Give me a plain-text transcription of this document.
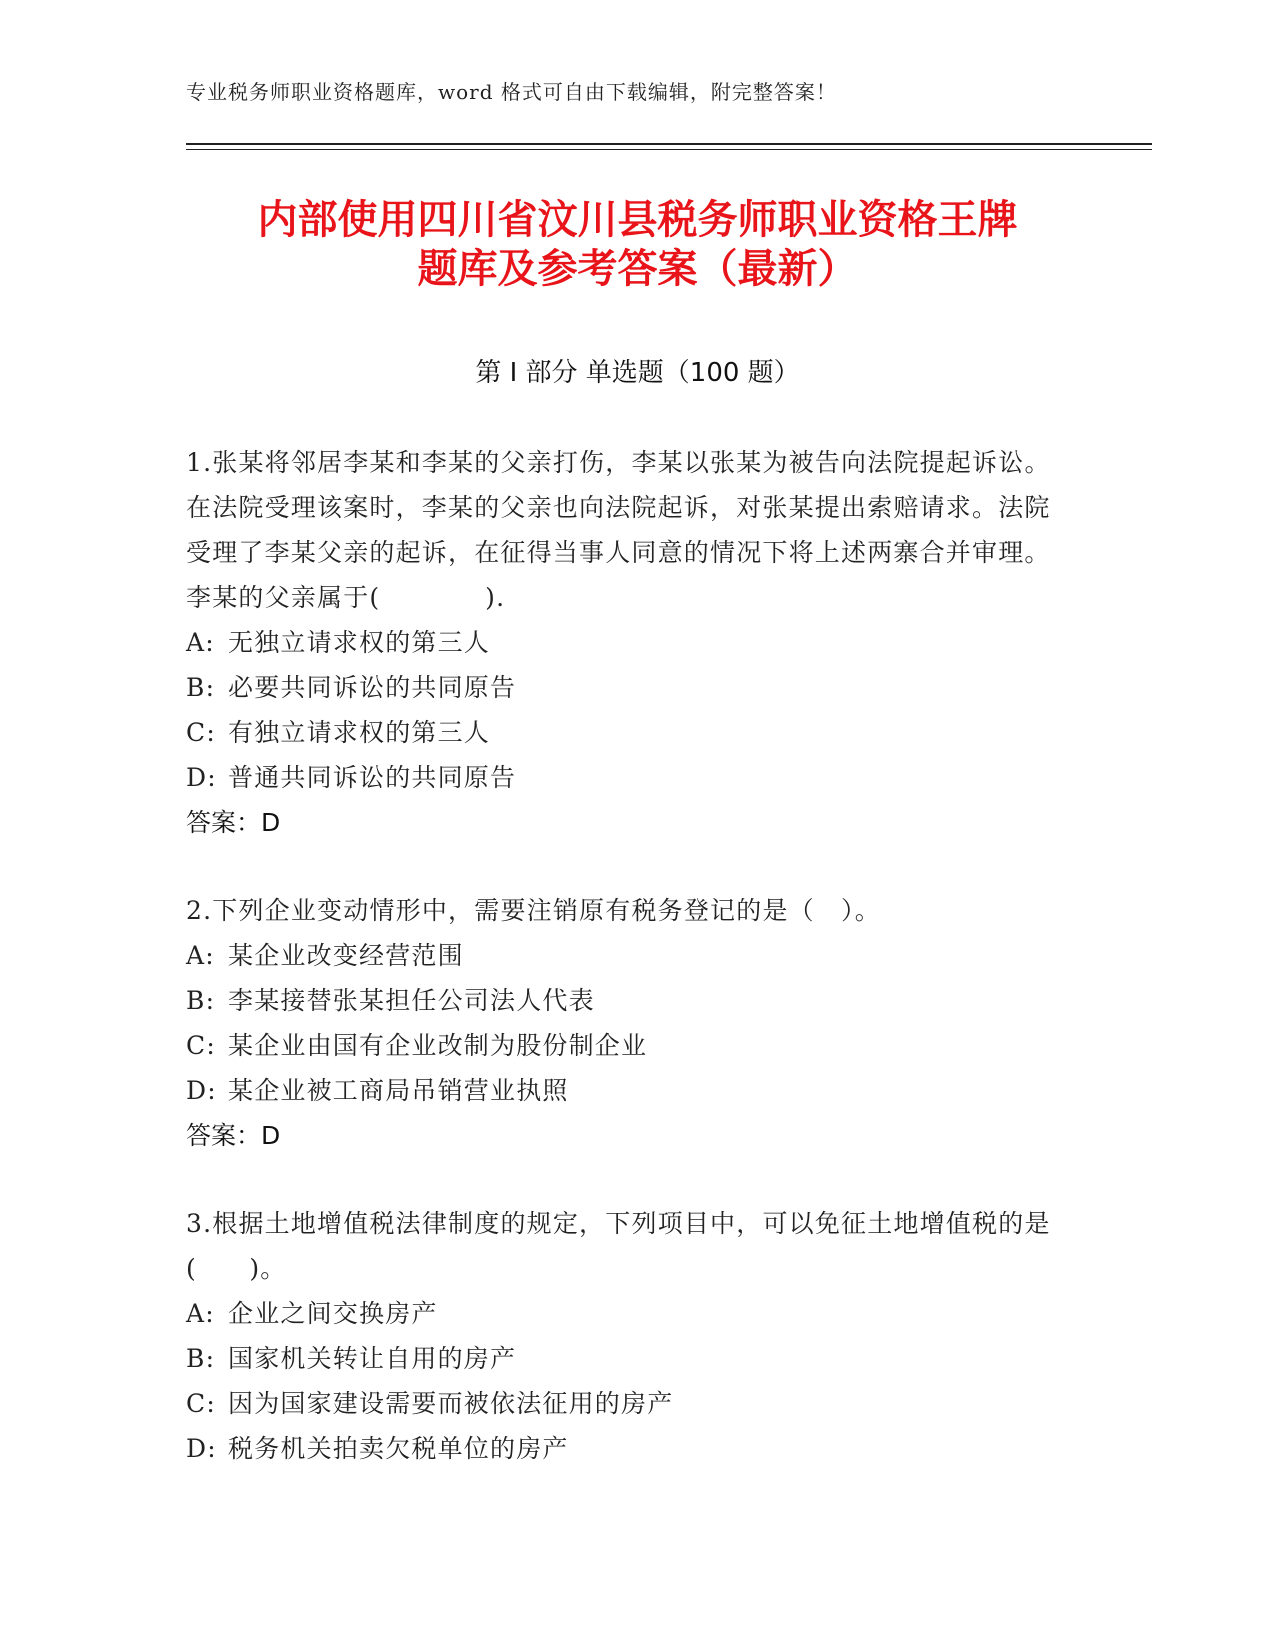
专业税务师职业资格题库，word 格式可自由下载编辑，附完整答案！
内部使用四川省汶川县税务师职业资格王牌
题库及参考答案（最新）
第 I 部分 单选题（100 题）

1.张某将邻居李某和李某的父亲打伤，李某以张某为被告向法院提起诉讼。在法院受理该案时，李某的父亲也向法院起诉，对张某提出索赔请求。法院受理了李某父亲的起诉，在征得当事人同意的情况下将上述两寨合并审理。李某的父亲属于(　　　　).

A: 无独立请求权的第三人
B: 必要共同诉讼的共同原告
C: 有独立请求权的第三人
D: 普通共同诉讼的共同原告
答案：D

2.下列企业变动情形中，需要注销原有税务登记的是（　）。

A: 某企业改变经营范围
B: 李某接替张某担任公司法人代表
C: 某企业由国有企业改制为股份制企业
D: 某企业被工商局吊销营业执照
答案：D

3.根据土地增值税法律制度的规定，下列项目中，可以免征土地增值税的是(　　)。

A: 企业之间交换房产
B: 国家机关转让自用的房产
C: 因为国家建设需要而被依法征用的房产
D: 税务机关拍卖欠税单位的房产
